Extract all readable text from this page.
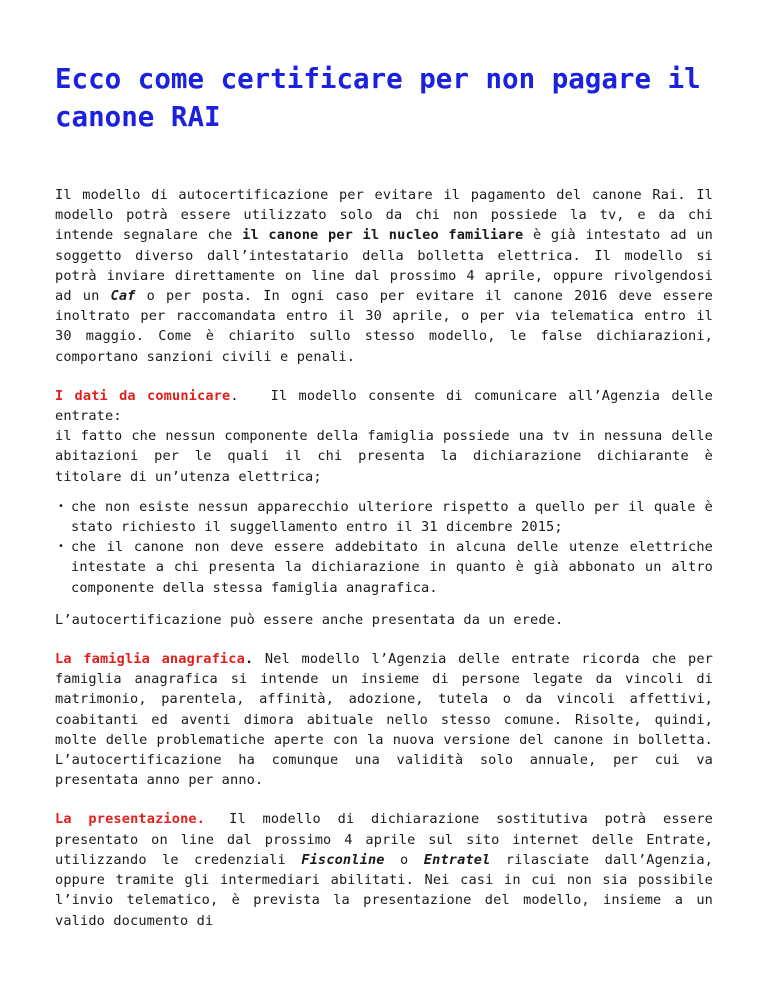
Ecco come certificare per non pagare il canone RAI

Il modello di autocertificazione per evitare il pagamento del canone Rai. Il modello potrà essere utilizzato solo da chi non possiede la tv, e da chi intende segnalare che il canone per il nucleo familiare è già intestato ad un soggetto diverso dall’intestatario della bolletta elettrica. Il modello si potrà inviare direttamente on line dal prossimo 4 aprile, oppure rivolgendosi ad un Caf o per posta. In ogni caso per evitare il canone 2016 deve essere inoltrato per raccomandata entro il 30 aprile, o per via telematica entro il 30 maggio. Come è chiarito sullo stesso modello, le false dichiarazioni, comportano sanzioni civili e penali.

I dati da comunicare. Il modello consente di comunicare all’Agenzia delle entrate:
il fatto che nessun componente della famiglia possiede una tv in nessuna delle abitazioni per le quali il chi presenta la dichiarazione dichiarante è titolare di un’utenza elettrica;

• che non esiste nessun apparecchio ulteriore rispetto a quello per il quale è stato richiesto il suggellamento entro il 31 dicembre 2015;
• che il canone non deve essere addebitato in alcuna delle utenze elettriche intestate a chi presenta la dichiarazione in quanto è già abbonato un altro componente della stessa famiglia anagrafica.

L’autocertificazione può essere anche presentata da un erede.

La famiglia anagrafica. Nel modello l’Agenzia delle entrate ricorda che per famiglia anagrafica si intende un insieme di persone legate da vincoli di matrimonio, parentela, affinità, adozione, tutela o da vincoli affettivi, coabitanti ed aventi dimora abituale nello stesso comune. Risolte, quindi, molte delle problematiche aperte con la nuova versione del canone in bolletta. L’autocertificazione ha comunque una validità solo annuale, per cui va presentata anno per anno.

La presentazione. Il modello di dichiarazione sostitutiva potrà essere presentato on line dal prossimo 4 aprile sul sito internet delle Entrate, utilizzando le credenziali Fisconline o Entratel rilasciate dall’Agenzia, oppure tramite gli intermediari abilitati. Nei casi in cui non sia possibile l’invio telematico, è prevista la presentazione del modello, insieme a un valido documento di
